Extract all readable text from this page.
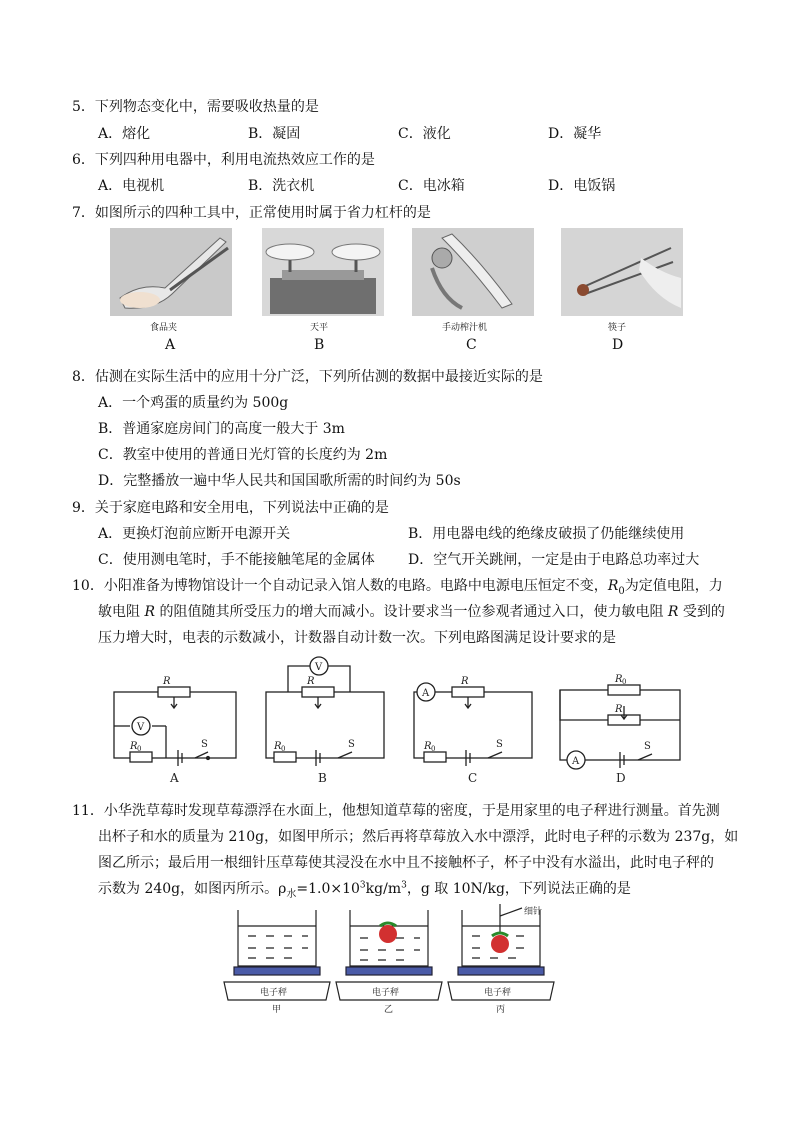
5．下列物态变化中，需要吸收热量的是
A．熔化	B．凝固	C．液化	D．凝华
6．下列四种用电器中，利用电流热效应工作的是
A．电视机	B．洗衣机	C．电冰箱	D．电饭锅
7．如图所示的四种工具中，正常使用时属于省力杠杆的是
食品夹	天平	手动榨汁机	筷子
A	B	C	D
8．估测在实际生活中的应用十分广泛，下列所估测的数据中最接近实际的是
A．一个鸡蛋的质量约为 500g
B．普通家庭房间门的高度一般大于 3m
C．教室中使用的普通日光灯管的长度约为 2m
D．完整播放一遍中华人民共和国国歌所需的时间约为 50s
9．关于家庭电路和安全用电，下列说法中正确的是
A．更换灯泡前应断开电源开关	B．用电器电线的绝缘皮破损了仍能继续使用
C．使用测电笔时，手不能接触笔尾的金属体 D．空气开关跳闸，一定是由于电路总功率过大
10．小阳准备为博物馆设计一个自动记录入馆人数的电路。电路中电源电压恒定不变，$R_0$为定值电阻，力
敏电阻 R 的阻值随其所受压力的增大而减小。设计要求当一位参观者通过入口，使力敏电阻 R 受到的
压力增大时，电表的示数减小，计数器自动计数一次。下列电路图满足设计要求的是
R
V
R 0	S
A
R
V
R 0	S
B
R
A
R 0	S
C
R 0
R
A
S
D
11．小华洗草莓时发现草莓漂浮在水面上，他想知道草莓的密度，于是用家里的电子秤进行测量。首先测
出杯子和水的质量为 210g，如图甲所示；然后再将草莓放入水中漂浮，此时电子秤的示数为 237g，如
图乙所示；最后用一根细针压草莓使其浸没在水中且不接触杯子，杯子中没有水溢出，此时电子秤的
示数为 240g，如图丙所示。$\rho_水=1.0\times 10^3kg/m^3$，g 取 10N/kg，下列说法正确的是
电子秤	电子秤	电子秤
细针
甲	乙	丙
